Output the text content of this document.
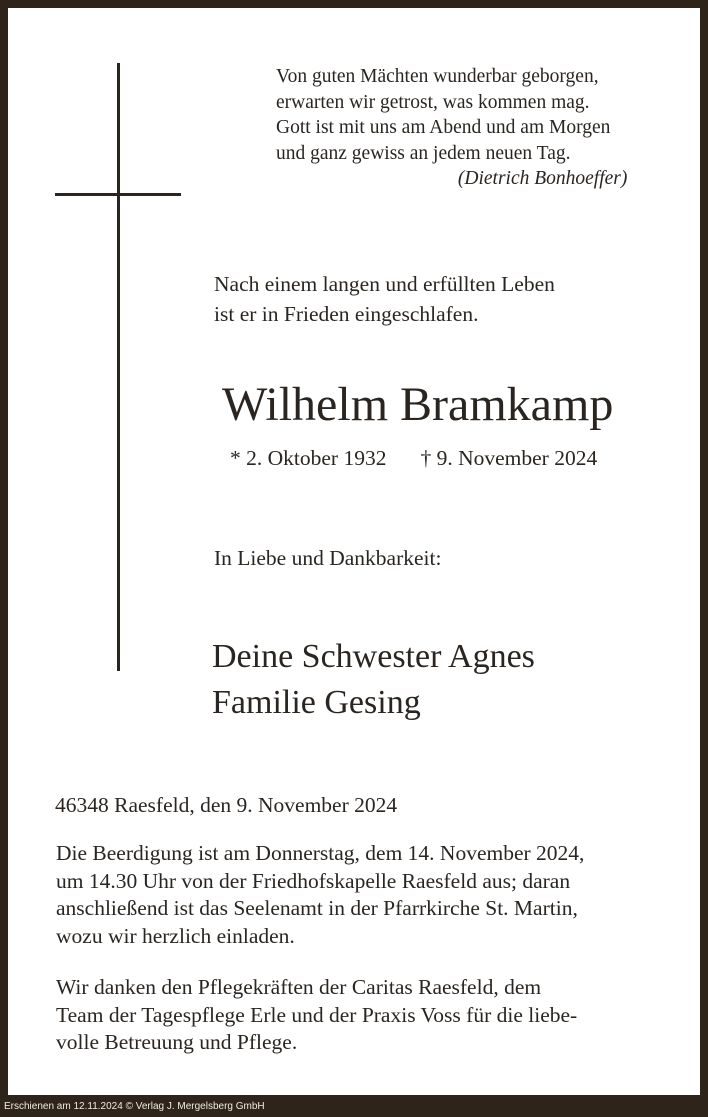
Von guten Mächten wunderbar geborgen,
erwarten wir getrost, was kommen mag.
Gott ist mit uns am Abend und am Morgen
und ganz gewiss an jedem neuen Tag.
(Dietrich Bonhoeffer)
Nach einem langen und erfüllten Leben
ist er in Frieden eingeschlafen.
Wilhelm Bramkamp
* 2. Oktober 1932 † 9. November 2024
In Liebe und Dankbarkeit:
Deine Schwester Agnes
Familie Gesing
46348 Raesfeld, den 9. November 2024
Die Beerdigung ist am Donnerstag, dem 14. November 2024,
um 14.30 Uhr von der Friedhofskapelle Raesfeld aus; daran
anschließend ist das Seelenamt in der Pfarrkirche St. Martin,
wozu wir herzlich einladen.
Wir danken den Pflegekräften der Caritas Raesfeld, dem
Team der Tagespflege Erle und der Praxis Voss für die liebe-
volle Betreuung und Pflege.
Erschienen am 12.11.2024 © Verlag J. Mergelsberg GmbH
